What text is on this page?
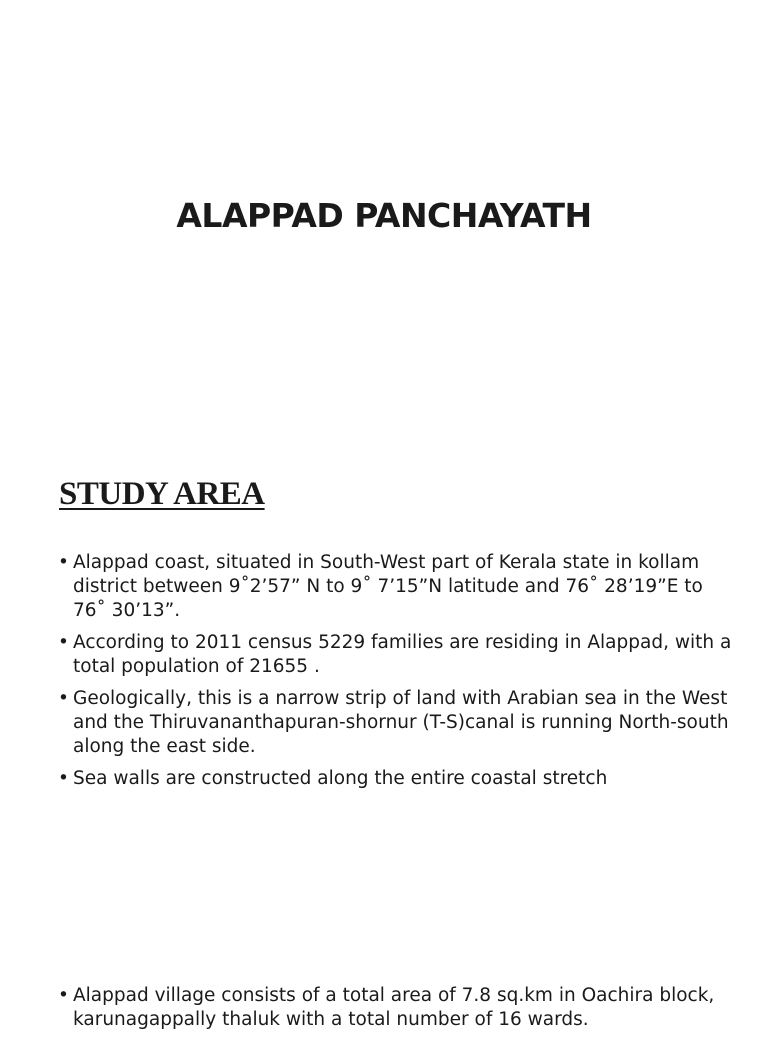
ALAPPAD PANCHAYATH
STUDY AREA
• Alappad coast, situated in South-West part of Kerala state in kollam district between 9˚2’57” N to 9˚ 7’15”N latitude and 76˚ 28’19”E to 76˚ 30’13”.
• According to 2011 census 5229 families are residing in Alappad, with a total population of 21655 .
• Geologically, this is a narrow strip of land with Arabian sea in the West and the Thiruvananthapuran-shornur (T-S)canal is running North-south along the east side.
• Sea walls are constructed along the entire coastal stretch
• Alappad village consists of a total area of 7.8 sq.km in Oachira block, karunagappally thaluk with a total number of 16 wards.
